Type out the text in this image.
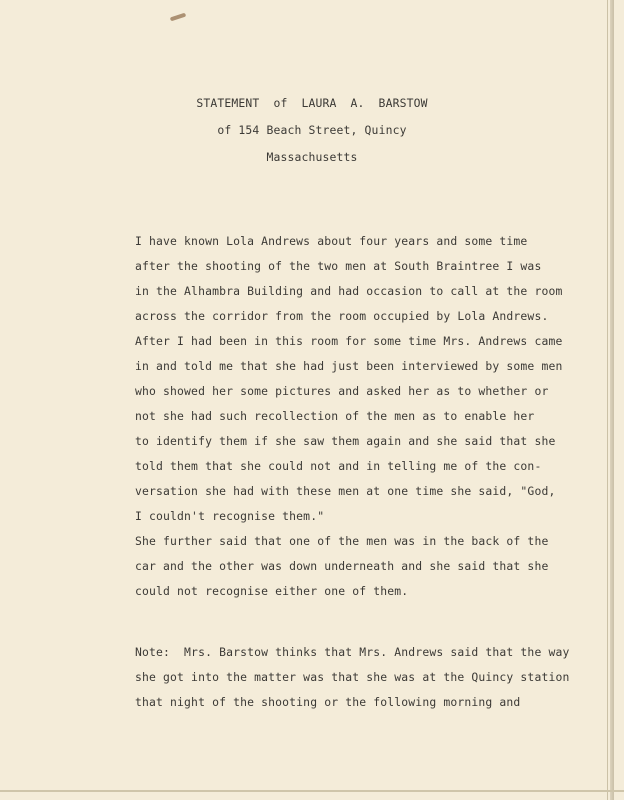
STATEMENT  of  LAURA  A.  BARSTOW
of 154 Beach Street, Quincy
Massachusetts
I have known Lola Andrews about four years and some time
after the shooting of the two men at South Braintree I was
in the Alhambra Building and had occasion to call at the room
across the corridor from the room occupied by Lola Andrews.
After I had been in this room for some time Mrs. Andrews came
in and told me that she had just been interviewed by some men
who showed her some pictures and asked her as to whether or
not she had such recollection of the men as to enable her
to identify them if she saw them again and she said that she
told them that she could not and in telling me of the con-
versation she had with these men at one time she said, "God,
I couldn't recognise them."
She further said that one of the men was in the back of the
car and the other was down underneath and she said that she
could not recognise either one of them.
Note:  Mrs. Barstow thinks that Mrs. Andrews said that the way
she got into the matter was that she was at the Quincy station
that night of the shooting or the following morning and
